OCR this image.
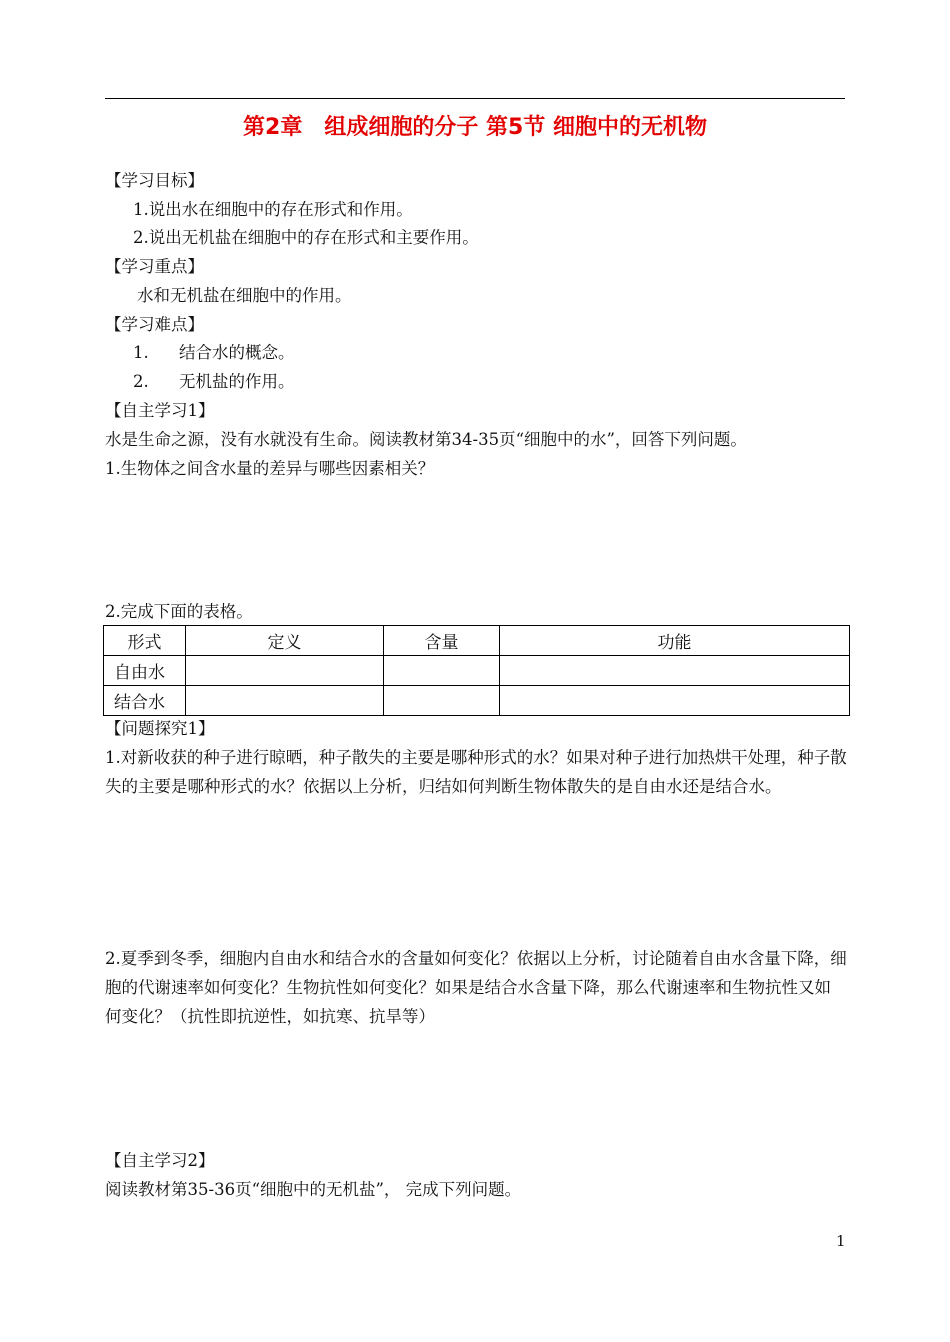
第2章　组成细胞的分子 第5节 细胞中的无机物
【学习目标】
1.说出水在细胞中的存在形式和作用。
2.说出无机盐在细胞中的存在形式和主要作用。
【学习重点】
水和无机盐在细胞中的作用。
【学习难点】
1. 结合水的概念。
2. 无机盐的作用。
【自主学习1】
水是生命之源，没有水就没有生命。阅读教材第34-35页“细胞中的水”，回答下列问题。
1.生物体之间含水量的差异与哪些因素相关？
2.完成下面的表格。
形式	定义	含量	功能
自由水			
结合水			
【问题探究1】
1.对新收获的种子进行晾晒，种子散失的主要是哪种形式的水？如果对种子进行加热烘干处理，种子散失的主要是哪种形式的水？依据以上分析，归结如何判断生物体散失的是自由水还是结合水。
2.夏季到冬季，细胞内自由水和结合水的含量如何变化？依据以上分析，讨论随着自由水含量下降，细胞的代谢速率如何变化？生物抗性如何变化？如果是结合水含量下降，那么代谢速率和生物抗性又如何变化？（抗性即抗逆性，如抗寒、抗旱等）
【自主学习2】
阅读教材第35-36页“细胞中的无机盐”， 完成下列问题。
1
